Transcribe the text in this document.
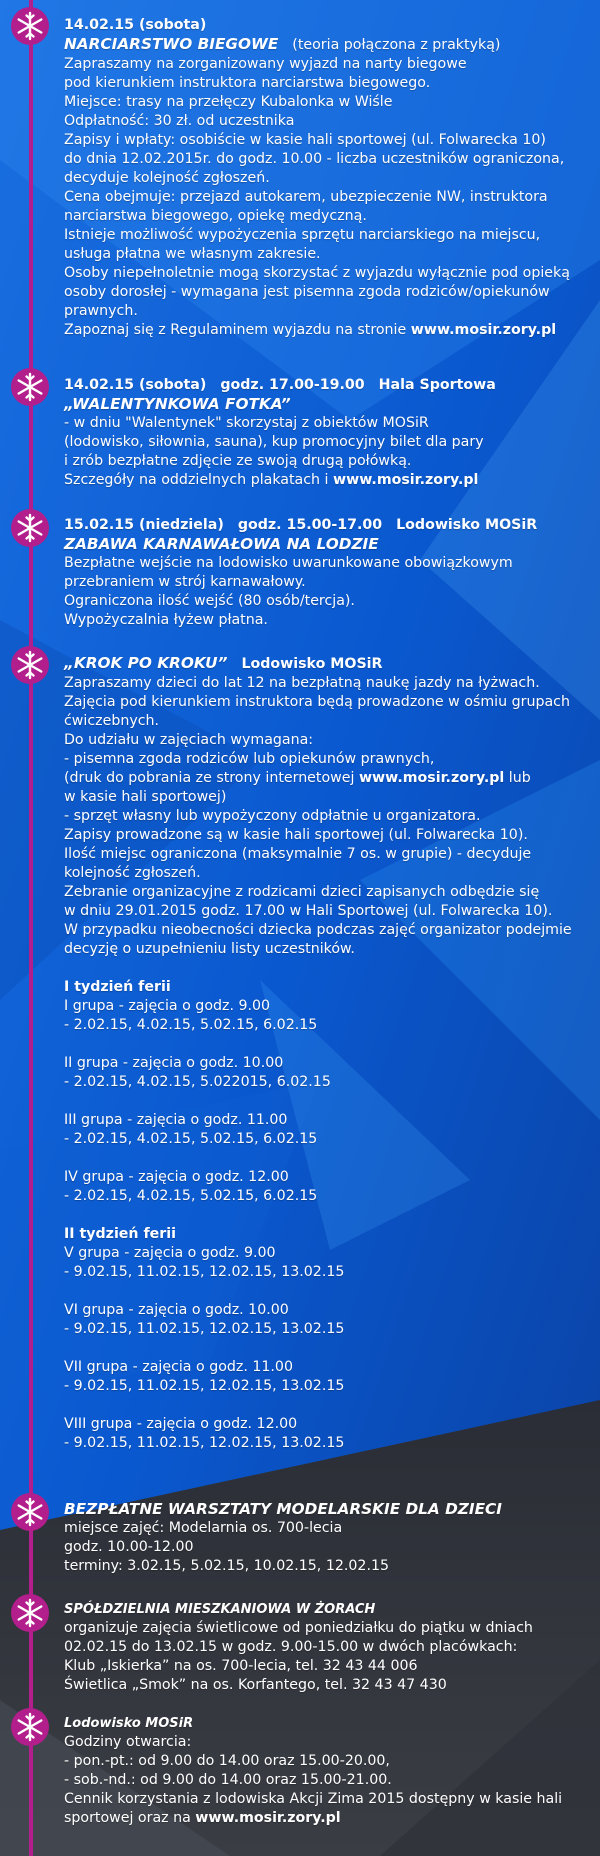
14.02.15 (sobota)
NARCIARSTWO BIEGOWE (teoria połączona z praktyką)
Zapraszamy na zorganizowany wyjazd na narty biegowe
pod kierunkiem instruktora narciarstwa biegowego.
Miejsce: trasy na przełęczy Kubalonka w Wiśle
Odpłatność: 30 zł. od uczestnika
Zapisy i wpłaty: osobiście w kasie hali sportowej (ul. Folwarecka 10)
do dnia 12.02.2015r. do godz. 10.00 - liczba uczestników ograniczona,
decyduje kolejność zgłoszeń.
Cena obejmuje: przejazd autokarem, ubezpieczenie NW, instruktora
narciarstwa biegowego, opiekę medyczną.
Istnieje możliwość wypożyczenia sprzętu narciarskiego na miejscu,
usługa płatna we własnym zakresie.
Osoby niepełnoletnie mogą skorzystać z wyjazdu wyłącznie pod opieką
osoby dorosłej - wymagana jest pisemna zgoda rodziców/opiekunów
prawnych.
Zapoznaj się z Regulaminem wyjazdu na stronie www.mosir.zory.pl
14.02.15 (sobota) godz. 17.00-19.00 Hala Sportowa
„WALENTYNKOWA FOTKA”
- w dniu "Walentynek" skorzystaj z obiektów MOSiR
(lodowisko, siłownia, sauna), kup promocyjny bilet dla pary
i zrób bezpłatne zdjęcie ze swoją drugą połówką.
Szczegóły na oddzielnych plakatach i www.mosir.zory.pl
15.02.15 (niedziela) godz. 15.00-17.00 Lodowisko MOSiR
ZABAWA KARNAWAŁOWA NA LODZIE
Bezpłatne wejście na lodowisko uwarunkowane obowiązkowym
przebraniem w strój karnawałowy.
Ograniczona ilość wejść (80 osób/tercja).
Wypożyczalnia łyżew płatna.
„KROK PO KROKU” Lodowisko MOSiR
Zapraszamy dzieci do lat 12 na bezpłatną naukę jazdy na łyżwach.
Zajęcia pod kierunkiem instruktora będą prowadzone w ośmiu grupach
ćwiczebnych.
Do udziału w zajęciach wymagana:
- pisemna zgoda rodziców lub opiekunów prawnych,
(druk do pobrania ze strony internetowej www.mosir.zory.pl lub
w kasie hali sportowej)
- sprzęt własny lub wypożyczony odpłatnie u organizatora.
Zapisy prowadzone są w kasie hali sportowej (ul. Folwarecka 10).
Ilość miejsc ograniczona (maksymalnie 7 os. w grupie) - decyduje
kolejność zgłoszeń.
Zebranie organizacyjne z rodzicami dzieci zapisanych odbędzie się
w dniu 29.01.2015 godz. 17.00 w Hali Sportowej (ul. Folwarecka 10).
W przypadku nieobecności dziecka podczas zajęć organizator podejmie
decyzję o uzupełnieniu listy uczestników.
I tydzień ferii
I grupa - zajęcia o godz. 9.00
- 2.02.15, 4.02.15, 5.02.15, 6.02.15
II grupa - zajęcia o godz. 10.00
- 2.02.15, 4.02.15, 5.022015, 6.02.15
III grupa - zajęcia o godz. 11.00
- 2.02.15, 4.02.15, 5.02.15, 6.02.15
IV grupa - zajęcia o godz. 12.00
- 2.02.15, 4.02.15, 5.02.15, 6.02.15
II tydzień ferii
V grupa - zajęcia o godz. 9.00
- 9.02.15, 11.02.15, 12.02.15, 13.02.15
VI grupa - zajęcia o godz. 10.00
- 9.02.15, 11.02.15, 12.02.15, 13.02.15
VII grupa - zajęcia o godz. 11.00
- 9.02.15, 11.02.15, 12.02.15, 13.02.15
VIII grupa - zajęcia o godz. 12.00
- 9.02.15, 11.02.15, 12.02.15, 13.02.15
BEZPŁATNE WARSZTATY MODELARSKIE DLA DZIECI
miejsce zajęć: Modelarnia os. 700-lecia
godz. 10.00-12.00
terminy: 3.02.15, 5.02.15, 10.02.15, 12.02.15
SPÓŁDZIELNIA MIESZKANIOWA W ŻORACH
organizuje zajęcia świetlicowe od poniedziałku do piątku w dniach
02.02.15 do 13.02.15 w godz. 9.00-15.00 w dwóch placówkach:
Klub „Iskierka” na os. 700-lecia, tel. 32 43 44 006
Świetlica „Smok” na os. Korfantego, tel. 32 43 47 430
Lodowisko MOSiR
Godziny otwarcia:
- pon.-pt.: od 9.00 do 14.00 oraz 15.00-20.00,
- sob.-nd.: od 9.00 do 14.00 oraz 15.00-21.00.
Cennik korzystania z lodowiska Akcji Zima 2015 dostępny w kasie hali
sportowej oraz na www.mosir.zory.pl
